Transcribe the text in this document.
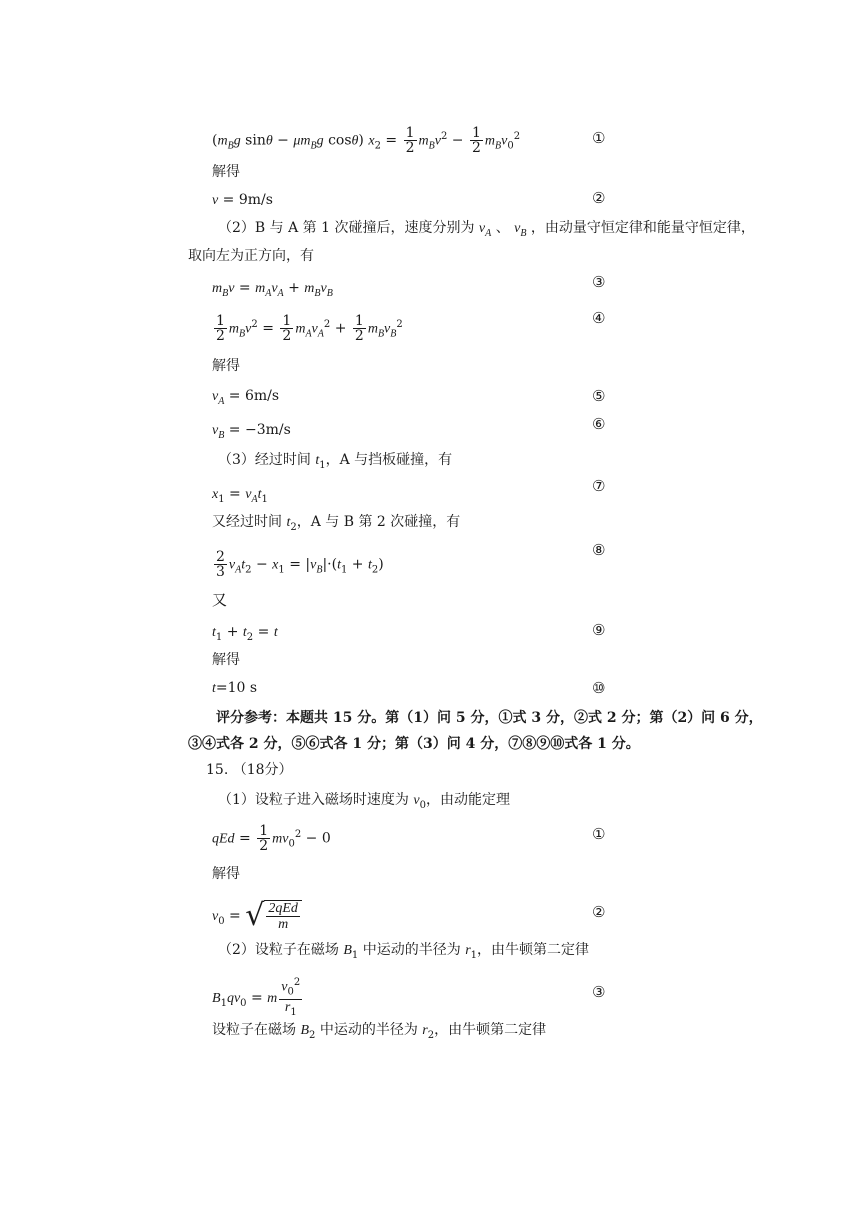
($m_Bg$ $\sin\theta - \mu m_Bg$ cosθ) $x_2 = \frac{1}{2} m_Bv^2 - \frac{1}{2} m_Bv_0^2$	①
解得
v = 9m/s	②
（2）B 与 A 第 1 次碰撞后，速度分别为 $v_A$ 、 $v_B$ ，由动量守恒定律和能量守恒定律，
取向左为正方向，有
$m_Bv = m_Av_A + m_Bv_B$
③
$\frac{1}{2} m_Bv^2 = \frac{1}{2} m_Av_A^2 + \frac{1}{2} m_Bv_B^2$	④
解得
$v_A = 6m/s$	⑤
$v_B = -3m/s$	⑥
（3）经过时间 $t_1$，A 与挡板碰撞，有
$x_1 = v_At_1$
⑦
又经过时间 $t_2$，A 与 B 第 2 次碰撞，有
$\frac{2}{3} v_At_2 - x_1 = |v_B|\cdot(t_1 + t_2)$
⑧
又
$t_1 + t_2 = t$	⑨
解得
t=10 s	⑩
评分参考：本题共 15 分。第（1）问 5 分，①式 3 分，②式 2 分；第（2）问 6 分，
③④式各 2 分，⑤⑥式各 1 分；第（3）问 4 分，⑦⑧⑨⑩式各 1 分。
15. （18分）
（1）设粒子进入磁场时速度为 $v_0$，由动能定理
qEd = $\frac{1}{2} mv_0^2 - 0$	①
解得
$v_0$ = √ $\frac{\text{2qEd}}{m}$	②
（2）设粒子在磁场 $B_1$ 中运动的半径为 $r_1$，由牛顿第二定律
$B_1qv_0 = m \frac{v_0^2}{r_1}$	③
设粒子在磁场 $B_2$ 中运动的半径为 $r_2$，由牛顿第二定律
